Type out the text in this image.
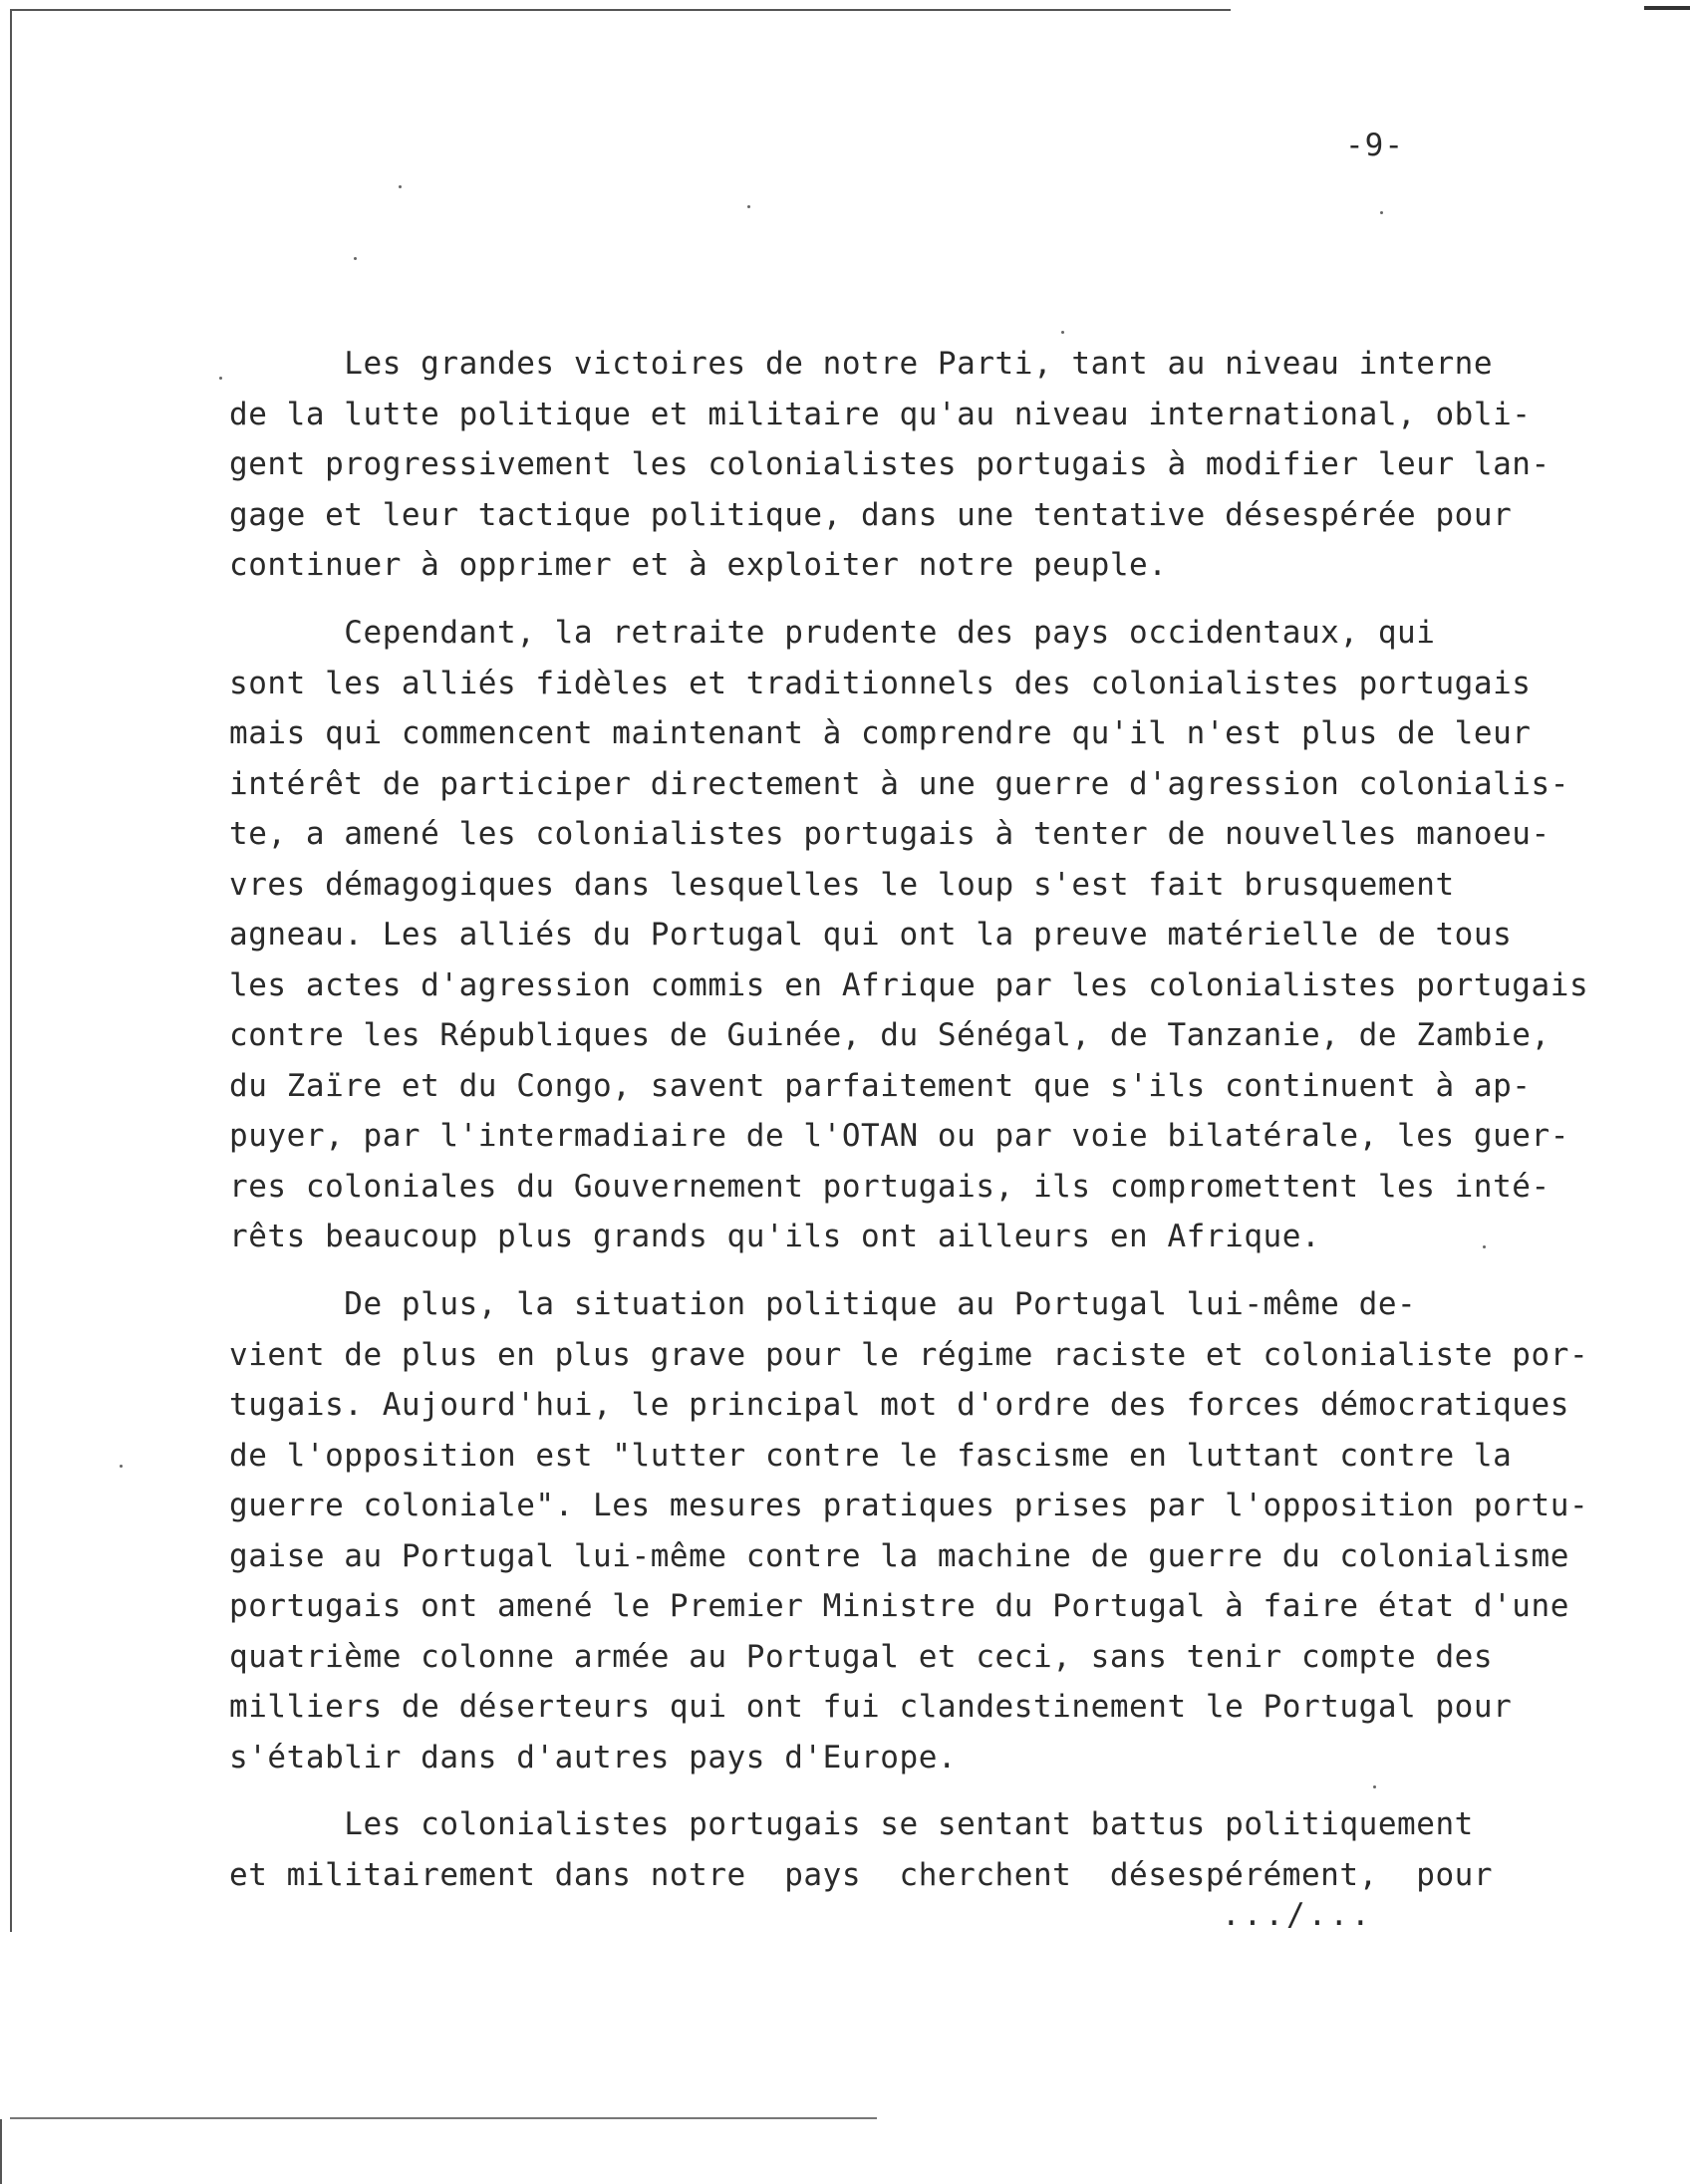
-9-
Les grandes victoires de notre Parti, tant au niveau interne
de la lutte politique et militaire qu'au niveau international, obli-
gent progressivement les colonialistes portugais à modifier leur lan-
gage et leur tactique politique, dans une tentative désespérée pour
continuer à opprimer et à exploiter notre peuple.
Cependant, la retraite prudente des pays occidentaux, qui
sont les alliés fidèles et traditionnels des colonialistes portugais
mais qui commencent maintenant à comprendre qu'il n'est plus de leur
intérêt de participer directement à une guerre d'agression colonialis-
te, a amené les colonialistes portugais à tenter de nouvelles manoeu-
vres démagogiques dans lesquelles le loup s'est fait brusquement
agneau. Les alliés du Portugal qui ont la preuve matérielle de tous
les actes d'agression commis en Afrique par les colonialistes portugais
contre les Républiques de Guinée, du Sénégal, de Tanzanie, de Zambie,
du Zaïre et du Congo, savent parfaitement que s'ils continuent à ap-
puyer, par l'intermadiaire de l'OTAN ou par voie bilatérale, les guer-
res coloniales du Gouvernement portugais, ils compromettent les inté-
rêts beaucoup plus grands qu'ils ont ailleurs en Afrique.
De plus, la situation politique au Portugal lui-même de-
vient de plus en plus grave pour le régime raciste et colonialiste por-
tugais. Aujourd'hui, le principal mot d'ordre des forces démocratiques
de l'opposition est "lutter contre le fascisme en luttant contre la
guerre coloniale". Les mesures pratiques prises par l'opposition portu-
gaise au Portugal lui-même contre la machine de guerre du colonialisme
portugais ont amené le Premier Ministre du Portugal à faire état d'une
quatrième colonne armée au Portugal et ceci, sans tenir compte des
milliers de déserteurs qui ont fui clandestinement le Portugal pour
s'établir dans d'autres pays d'Europe.
Les colonialistes portugais se sentant battus politiquement
et militairement dans notre  pays  cherchent  désespérément,  pour
.../...
